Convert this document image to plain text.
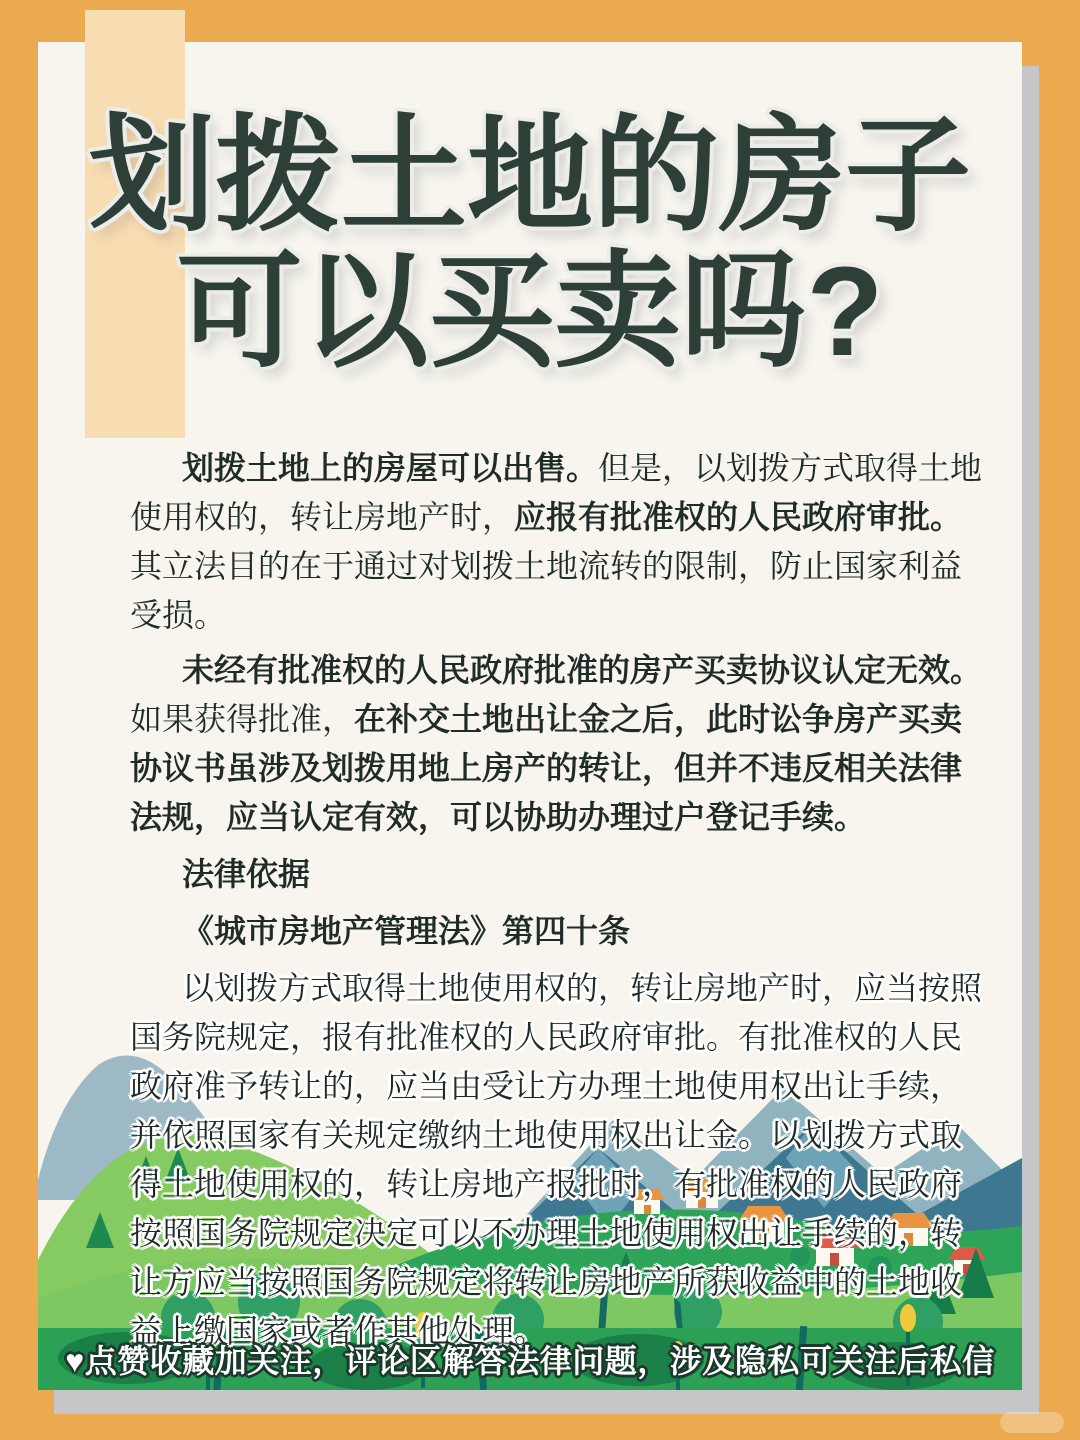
划拨土地的房子
可以买卖吗?

划拨土地上的房屋可以出售。但是，以划拨方式取得土地使用权的，转让房地产时，应报有批准权的人民政府审批。其立法目的在于通过对划拨土地流转的限制，防止国家利益受损。

未经有批准权的人民政府批准的房产买卖协议认定无效。如果获得批准，在补交土地出让金之后，此时讼争房产买卖协议书虽涉及划拨用地上房产的转让，但并不违反相关法律法规，应当认定有效，可以协助办理过户登记手续。

法律依据

《城市房地产管理法》第四十条

以划拨方式取得土地使用权的，转让房地产时，应当按照国务院规定，报有批准权的人民政府审批。有批准权的人民政府准予转让的，应当由受让方办理土地使用权出让手续，并依照国家有关规定缴纳土地使用权出让金。以划拨方式取得土地使用权的，转让房地产报批时，有批准权的人民政府按照国务院规定决定可以不办理土地使用权出让手续的，转让方应当按照国务院规定将转让房地产所获收益中的土地收益上缴国家或者作其他处理。

♥点赞收藏加关注，评论区解答法律问题，涉及隐私可关注后私信
